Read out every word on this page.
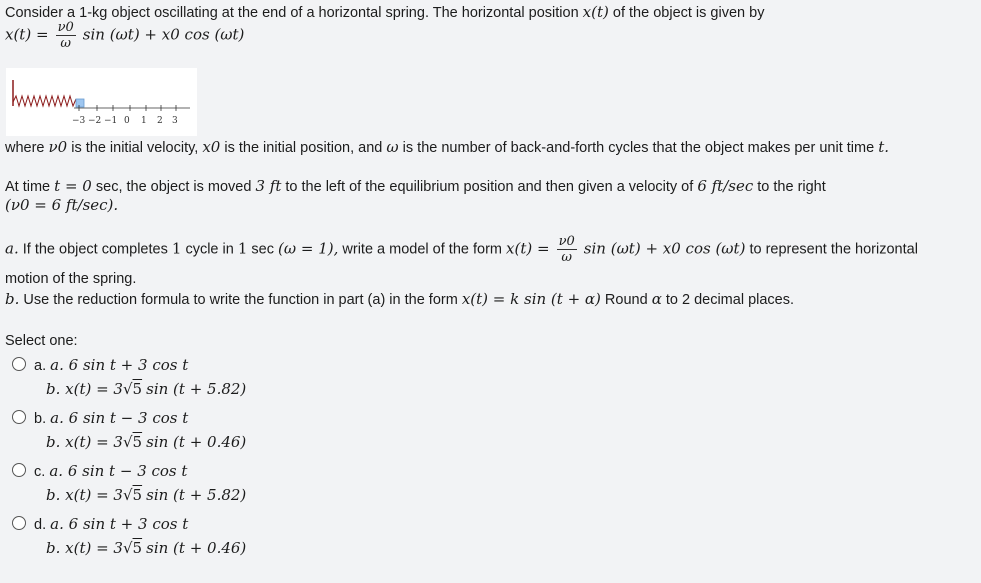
Consider a 1-kg object oscillating at the end of a horizontal spring. The horizontal position x(t) of the object is given by
$x(t) = \frac{\nu 0}{\omega}$ sin (ωt) + x0 cos (ωt)
−3 −2 −1 0 1 2 3
where ν0 is the initial velocity, x0 is the initial position, and ω is the number of back-and-forth cycles that the object makes per unit time t.
At time t = 0 sec, the object is moved 3 ft to the left of the equilibrium position and then given a velocity of 6 ft/sec to the right
(ν0 = 6 ft/sec).
a. If the object completes 1 cycle in 1 sec (ω = 1), write a model of the form $x(t) = \frac{\nu 0}{\omega}$ sin (ωt) + x0 cos (ωt) to represent the horizontal
motion of the spring.
b. Use the reduction formula to write the function in part (a) in the form x(t) = k sin (t + α) Round α to 2 decimal places.
Select one:
a. a. 6 sin t + 3 cos t
b. x(t) = 3√5 sin (t + 5.82)
b. a. 6 sin t − 3 cos t
b. x(t) = 3√5 sin (t + 0.46)
c. a. 6 sin t − 3 cos t
b. x(t) = 3√5 sin (t + 5.82)
d. a. 6 sin t + 3 cos t
b. x(t) = 3√5 sin (t + 0.46)
